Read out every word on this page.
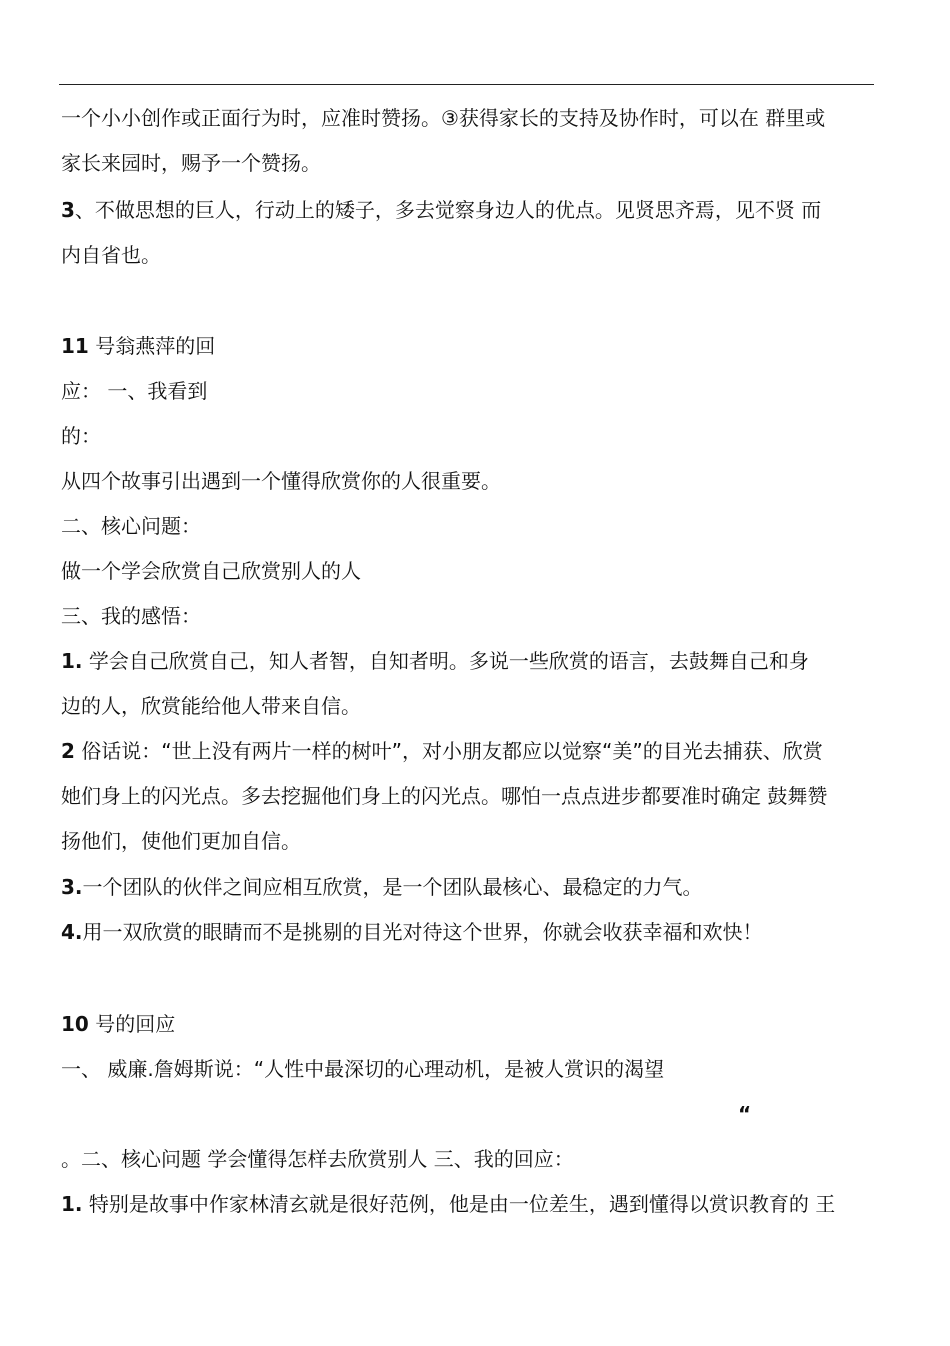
一个小小创作或正面行为时，应准时赞扬。③获得家长的支持及协作时，可以在 群里或
家长来园时，赐予一个赞扬。
3、不做思想的巨人，行动上的矮子，多去觉察身边人的优点。见贤思齐焉，见不贤 而
内自省也。
11 号翁燕萍的回
应： 一、我看到
的：
从四个故事引出遇到一个懂得欣赏你的人很重要。
二、核心问题：
做一个学会欣赏自己欣赏别人的人
三、我的感悟：
1. 学会自己欣赏自己，知人者智，自知者明。多说一些欣赏的语言，去鼓舞自己和身
边的人，欣赏能给他人带来自信。
2 俗话说：“世上没有两片一样的树叶”，对小朋友都应以觉察“美”的目光去捕获、欣赏
她们身上的闪光点。多去挖掘他们身上的闪光点。哪怕一点点进步都要准时确定 鼓舞赞
扬他们，使他们更加自信。
3.一个团队的伙伴之间应相互欣赏，是一个团队最核心、最稳定的力气。
4.用一双欣赏的眼睛而不是挑剔的目光对待这个世界，你就会收获幸福和欢快！
10 号的回应
一、 威廉.詹姆斯说：“人性中最深切的心理动机，是被人赏识的渴望
“
。二、核心问题 学会懂得怎样去欣赏别人 三、我的回应：
1. 特别是故事中作家林清玄就是很好范例，他是由一位差生，遇到懂得以赏识教育的 王
